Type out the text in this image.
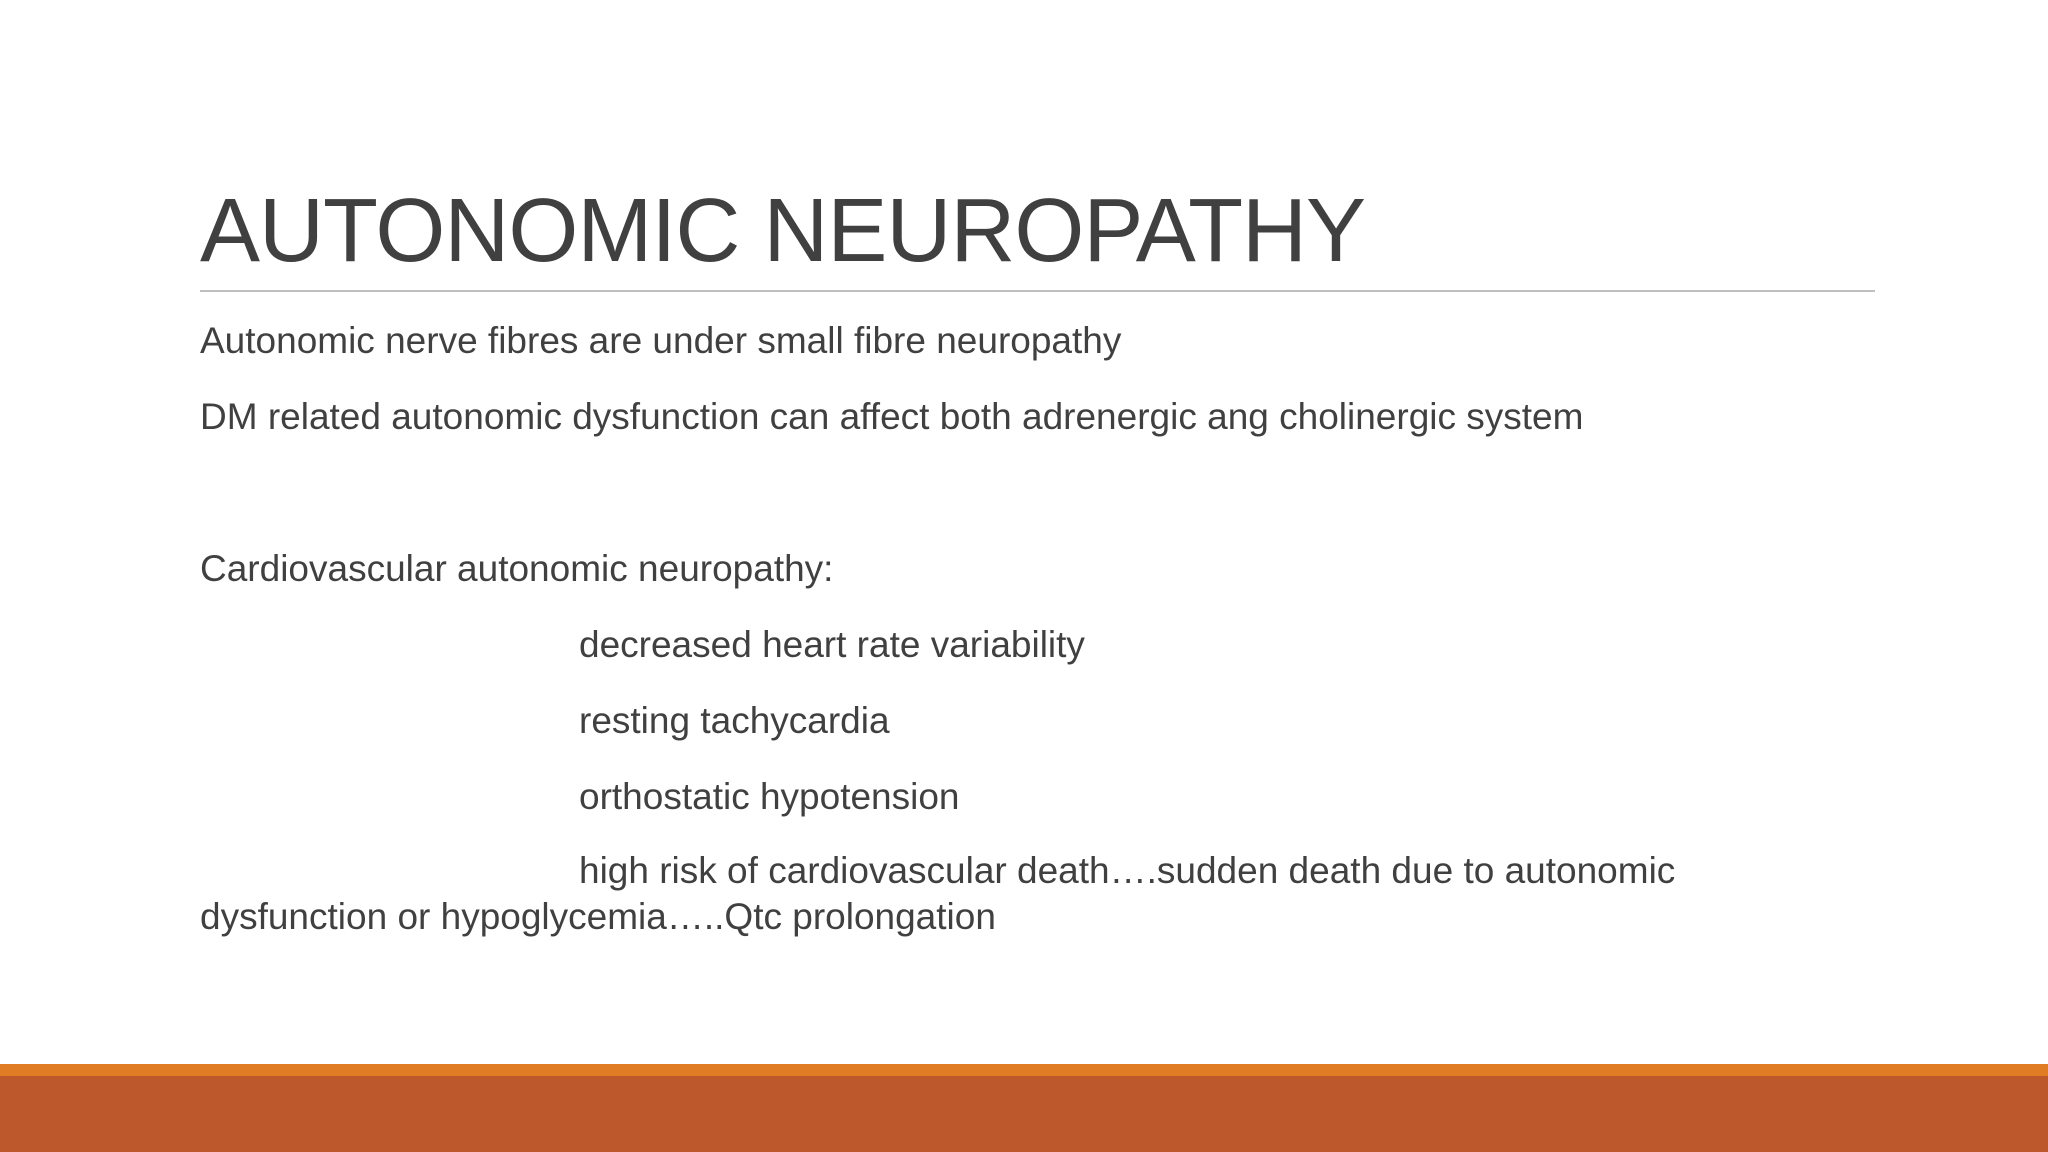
AUTONOMIC NEUROPATHY
Autonomic nerve fibres are under small fibre neuropathy
DM related autonomic dysfunction can affect both adrenergic ang cholinergic system
Cardiovascular autonomic neuropathy:
decreased heart rate variability
resting tachycardia
orthostatic hypotension
high risk of cardiovascular death….sudden death due to autonomic
dysfunction or hypoglycemia…..Qtc prolongation
